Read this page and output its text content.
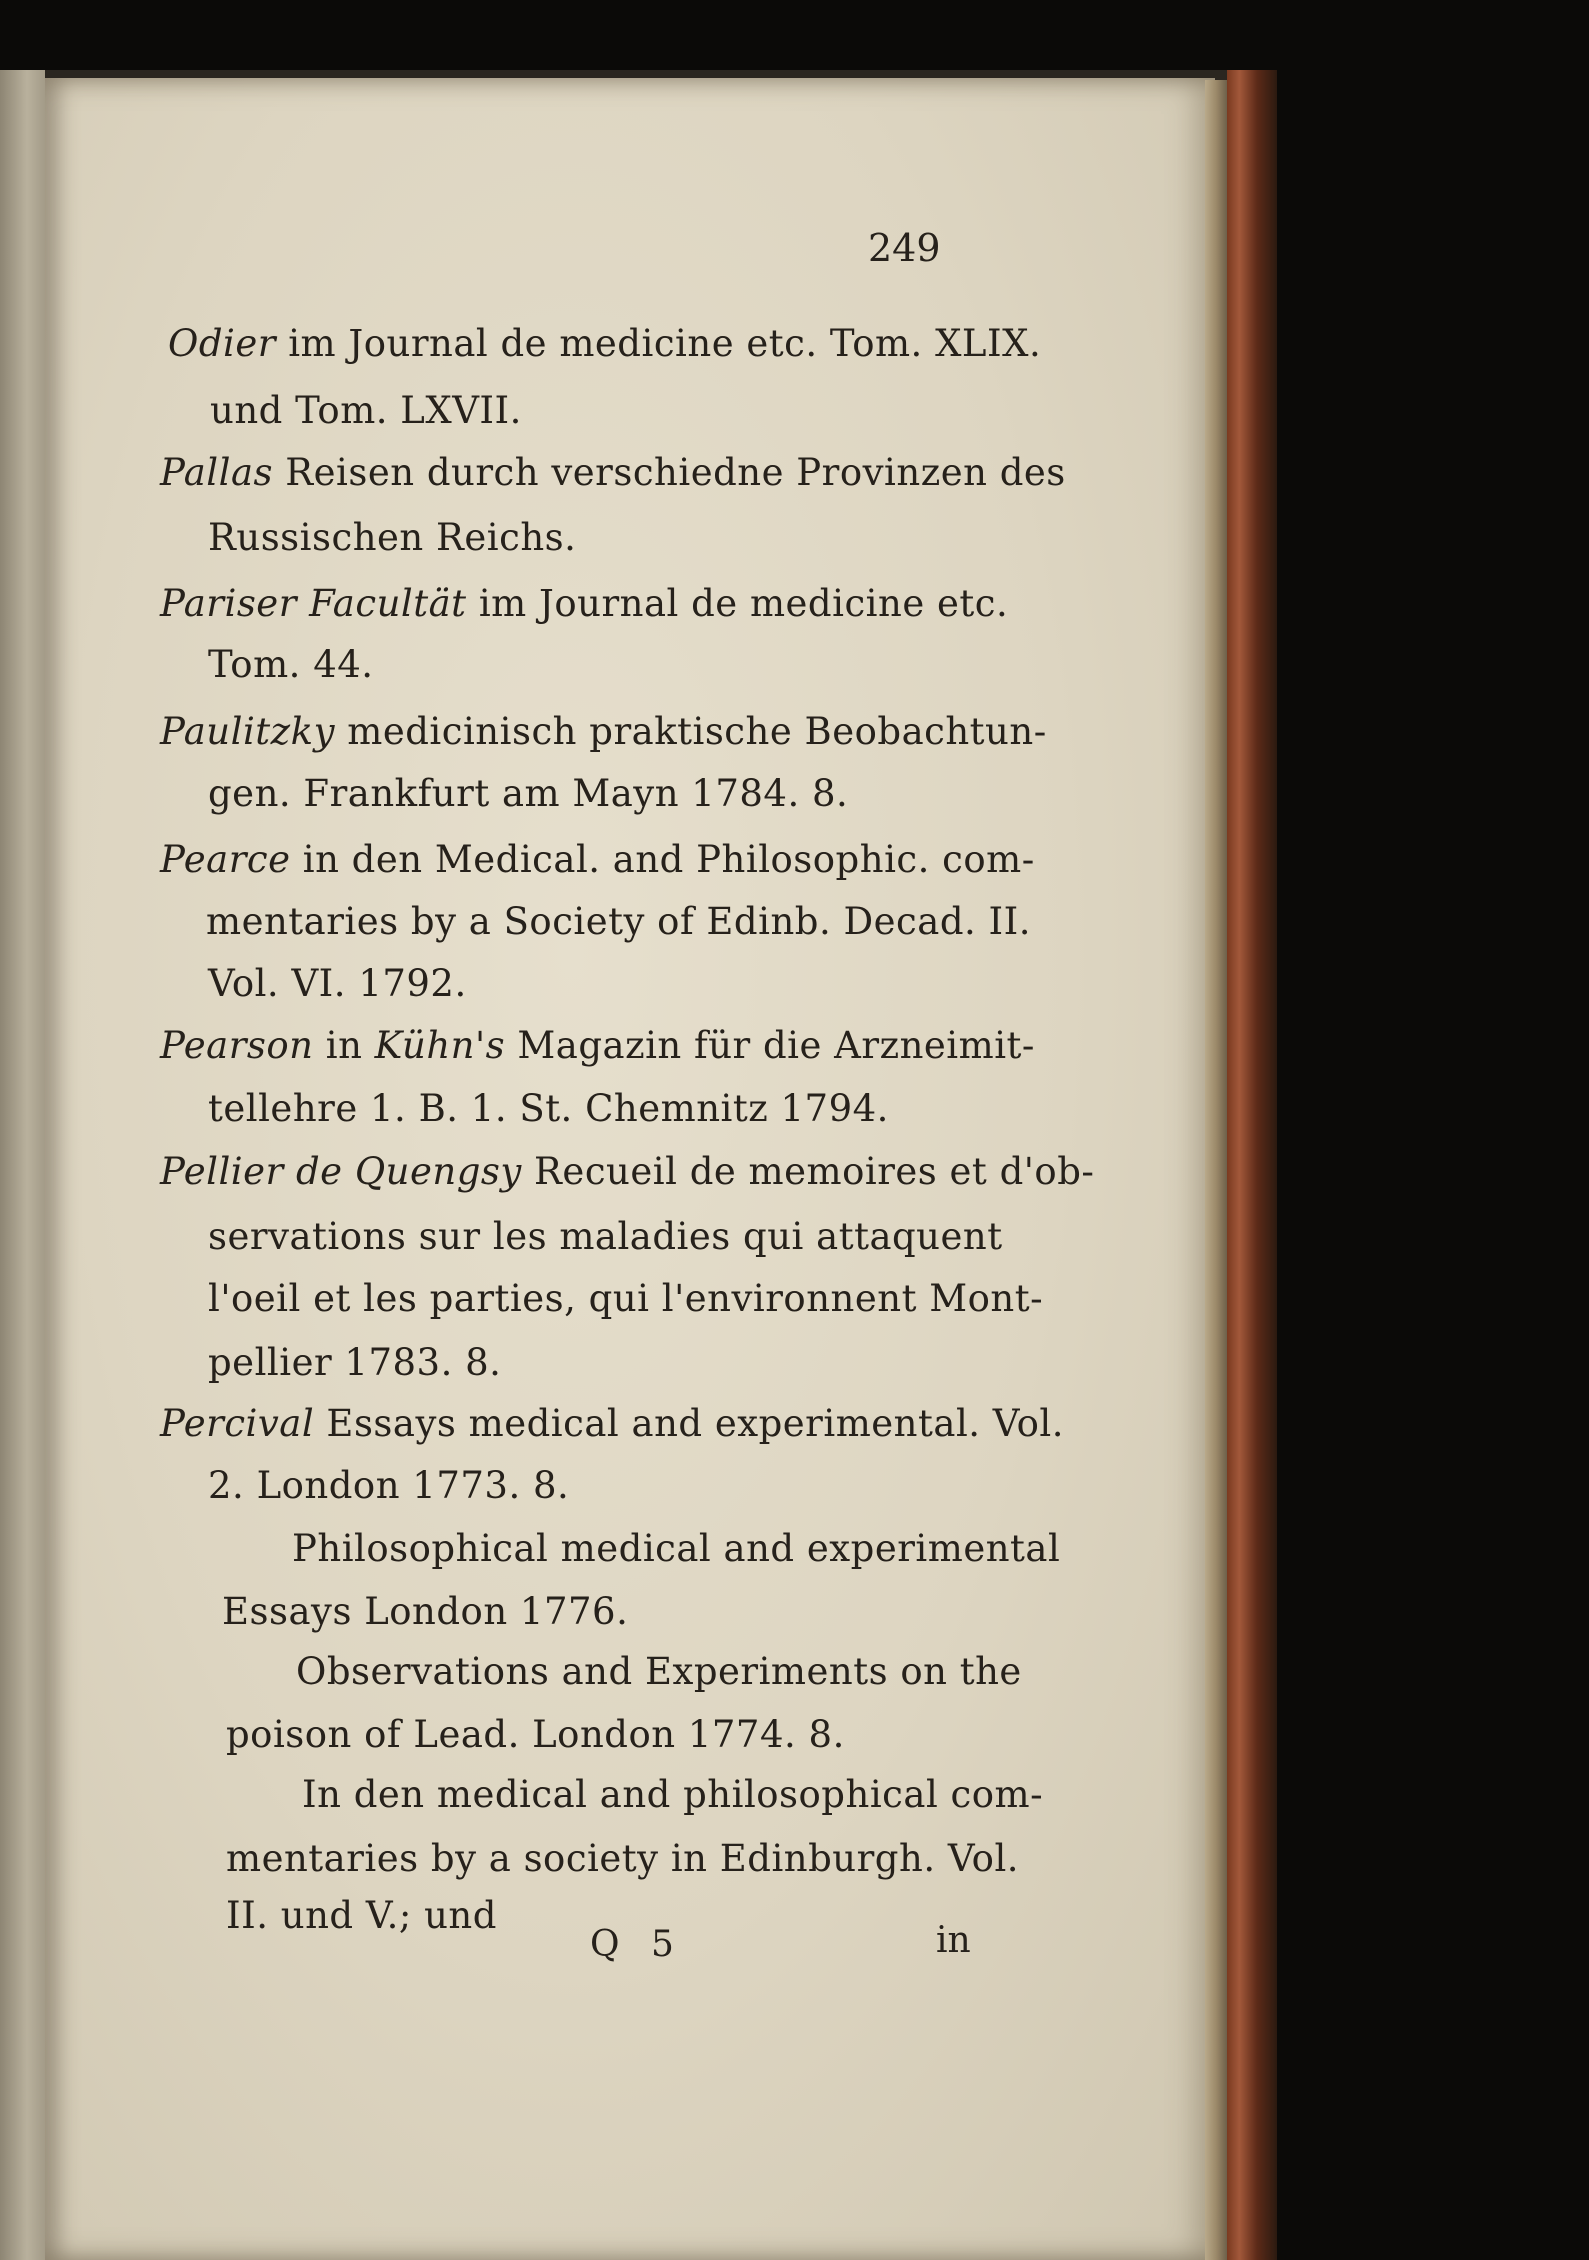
249
Odier im Journal de medicine etc. Tom. XLIX.
und Tom. LXVII.
Pallas Reisen durch verschiedne Provinzen des
Russischen Reichs.
Pariser Facultät im Journal de medicine etc.
Tom. 44.
Paulitzky medicinisch praktische Beobachtun-
gen. Frankfurt am Mayn 1784. 8.
Pearce in den Medical. and Philosophic. com-
mentaries by a Society of Edinb. Decad. II.
Vol. VI. 1792.
Pearson in Kühn's Magazin für die Arzneimit-
tellehre 1. B. 1. St. Chemnitz 1794.
Pellier de Quengsy Recueil de memoires et d'ob-
servations sur les maladies qui attaquent
l'oeil et les parties, qui l'environnent Mont-
pellier 1783. 8.
Percival Essays medical and experimental. Vol.
2. London 1773. 8.
Philosophical medical and experimental
Essays London 1776.
Observations and Experiments on the
poison of Lead. London 1774. 8.
In den medical and philosophical com-
mentaries by a society in Edinburgh. Vol.
II. und V.; und
Q 5	in
